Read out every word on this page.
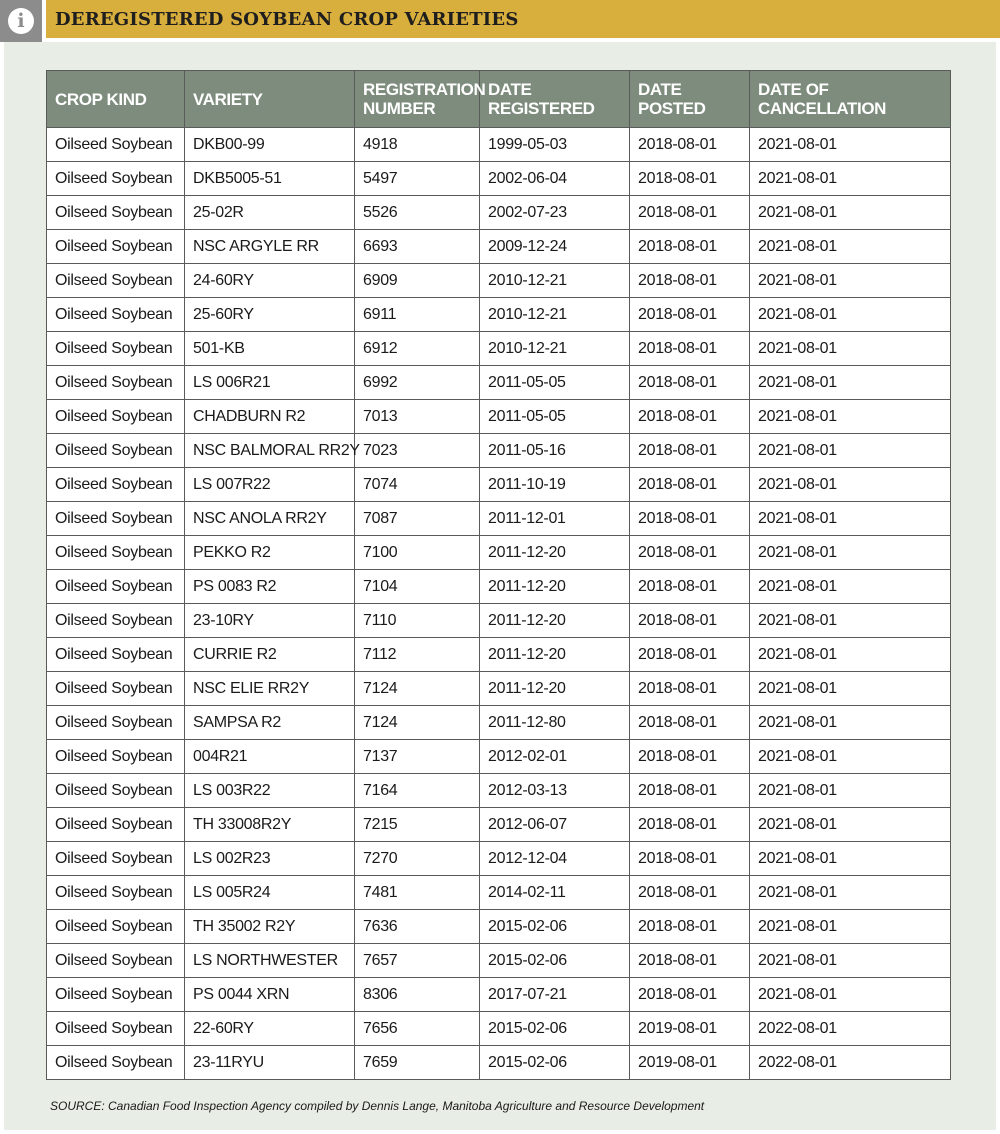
i	DEREGISTERED SOYBEAN CROP VARIETIES
CROP KIND	VARIETY	REGISTRATION NUMBER	DATE REGISTERED	DATE POSTED	DATE OF CANCELLATION
Oilseed Soybean	DKB00-99	4918	1999-05-03	2018-08-01	2021-08-01
Oilseed Soybean	DKB5005-51	5497	2002-06-04	2018-08-01	2021-08-01
Oilseed Soybean	25-02R	5526	2002-07-23	2018-08-01	2021-08-01
Oilseed Soybean	NSC ARGYLE RR	6693	2009-12-24	2018-08-01	2021-08-01
Oilseed Soybean	24-60RY	6909	2010-12-21	2018-08-01	2021-08-01
Oilseed Soybean	25-60RY	6911	2010-12-21	2018-08-01	2021-08-01
Oilseed Soybean	501-KB	6912	2010-12-21	2018-08-01	2021-08-01
Oilseed Soybean	LS 006R21	6992	2011-05-05	2018-08-01	2021-08-01
Oilseed Soybean	CHADBURN R2	7013	2011-05-05	2018-08-01	2021-08-01
Oilseed Soybean	NSC BALMORAL RR2Y	7023	2011-05-16	2018-08-01	2021-08-01
Oilseed Soybean	LS 007R22	7074	2011-10-19	2018-08-01	2021-08-01
Oilseed Soybean	NSC ANOLA RR2Y	7087	2011-12-01	2018-08-01	2021-08-01
Oilseed Soybean	PEKKO R2	7100	2011-12-20	2018-08-01	2021-08-01
Oilseed Soybean	PS 0083 R2	7104	2011-12-20	2018-08-01	2021-08-01
Oilseed Soybean	23-10RY	7110	2011-12-20	2018-08-01	2021-08-01
Oilseed Soybean	CURRIE R2	7112	2011-12-20	2018-08-01	2021-08-01
Oilseed Soybean	NSC ELIE RR2Y	7124	2011-12-20	2018-08-01	2021-08-01
Oilseed Soybean	SAMPSA R2	7124	2011-12-80	2018-08-01	2021-08-01
Oilseed Soybean	004R21	7137	2012-02-01	2018-08-01	2021-08-01
Oilseed Soybean	LS 003R22	7164	2012-03-13	2018-08-01	2021-08-01
Oilseed Soybean	TH 33008R2Y	7215	2012-06-07	2018-08-01	2021-08-01
Oilseed Soybean	LS 002R23	7270	2012-12-04	2018-08-01	2021-08-01
Oilseed Soybean	LS 005R24	7481	2014-02-11	2018-08-01	2021-08-01
Oilseed Soybean	TH 35002 R2Y	7636	2015-02-06	2018-08-01	2021-08-01
Oilseed Soybean	LS NORTHWESTER	7657	2015-02-06	2018-08-01	2021-08-01
Oilseed Soybean	PS 0044 XRN	8306	2017-07-21	2018-08-01	2021-08-01
Oilseed Soybean	22-60RY	7656	2015-02-06	2019-08-01	2022-08-01
Oilseed Soybean	23-11RYU	7659	2015-02-06	2019-08-01	2022-08-01
SOURCE: Canadian Food Inspection Agency compiled by Dennis Lange, Manitoba Agriculture and Resource Development
